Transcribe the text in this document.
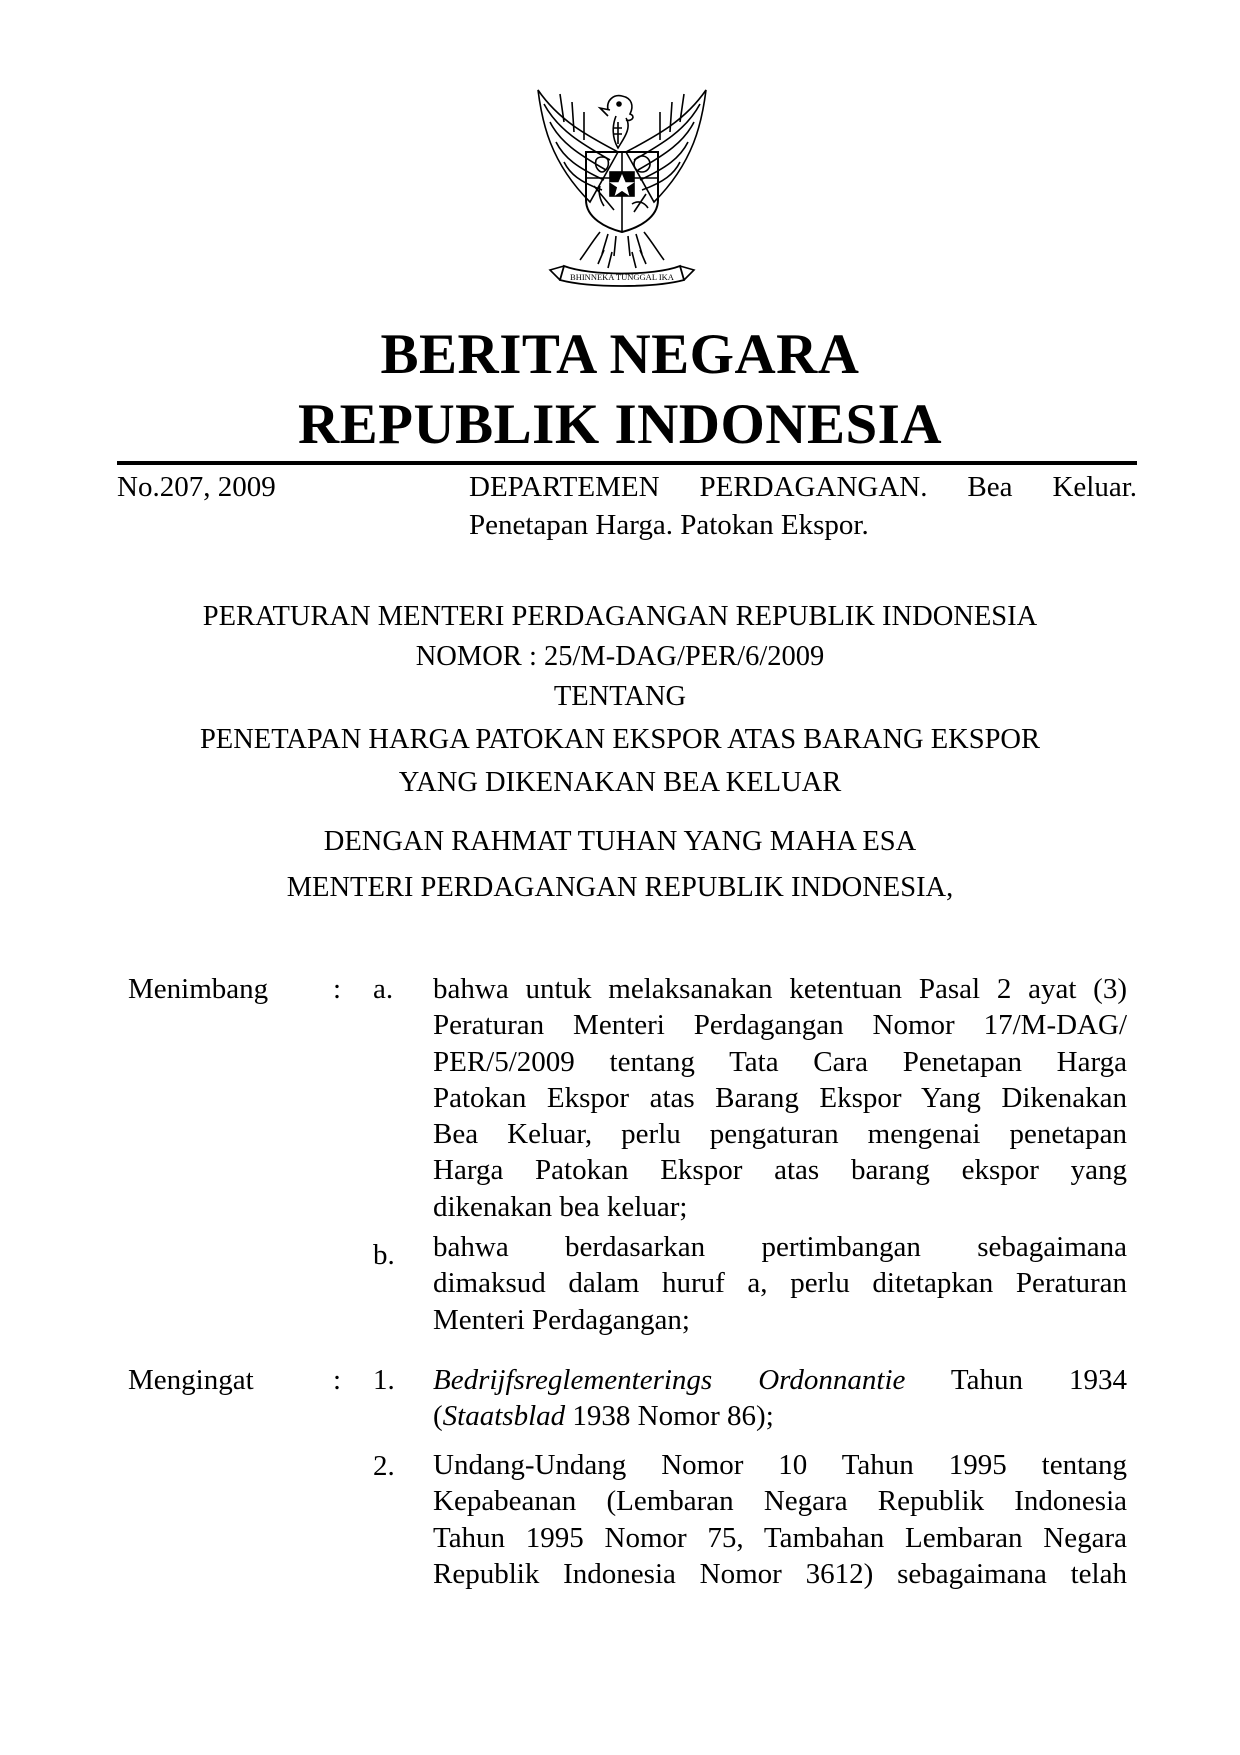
BHINNEKA TUNGGAL IKA
BERITA NEGARA
REPUBLIK INDONESIA
No.207, 2009	DEPARTEMEN PERDAGANGAN. Bea Keluar.
Penetapan Harga. Patokan Ekspor.
PERATURAN MENTERI PERDAGANGAN REPUBLIK INDONESIA
NOMOR : 25/M-DAG/PER/6/2009
TENTANG
PENETAPAN HARGA PATOKAN EKSPOR ATAS BARANG EKSPOR
YANG DIKENAKAN BEA KELUAR
DENGAN RAHMAT TUHAN YANG MAHA ESA
MENTERI PERDAGANGAN REPUBLIK INDONESIA,
Menimbang : a. bahwa untuk melaksanakan ketentuan Pasal 2 ayat (3)
Peraturan Menteri Perdagangan Nomor 17/M-DAG/
PER/5/2009 tentang Tata Cara Penetapan Harga
Patokan Ekspor atas Barang Ekspor Yang Dikenakan
Bea Keluar, perlu pengaturan mengenai penetapan
Harga Patokan Ekspor atas barang ekspor yang
dikenakan bea keluar;
b. bahwa berdasarkan pertimbangan sebagaimana
dimaksud dalam huruf a, perlu ditetapkan Peraturan
Menteri Perdagangan;
Mengingat	: 1. Bedrijfsreglementerings Ordonnantie Tahun 1934
(Staatsblad 1938 Nomor 86);
2. Undang-Undang Nomor 10 Tahun 1995 tentang
Kepabeanan (Lembaran Negara Republik Indonesia
Tahun 1995 Nomor 75, Tambahan Lembaran Negara
Republik Indonesia Nomor 3612) sebagaimana telah
